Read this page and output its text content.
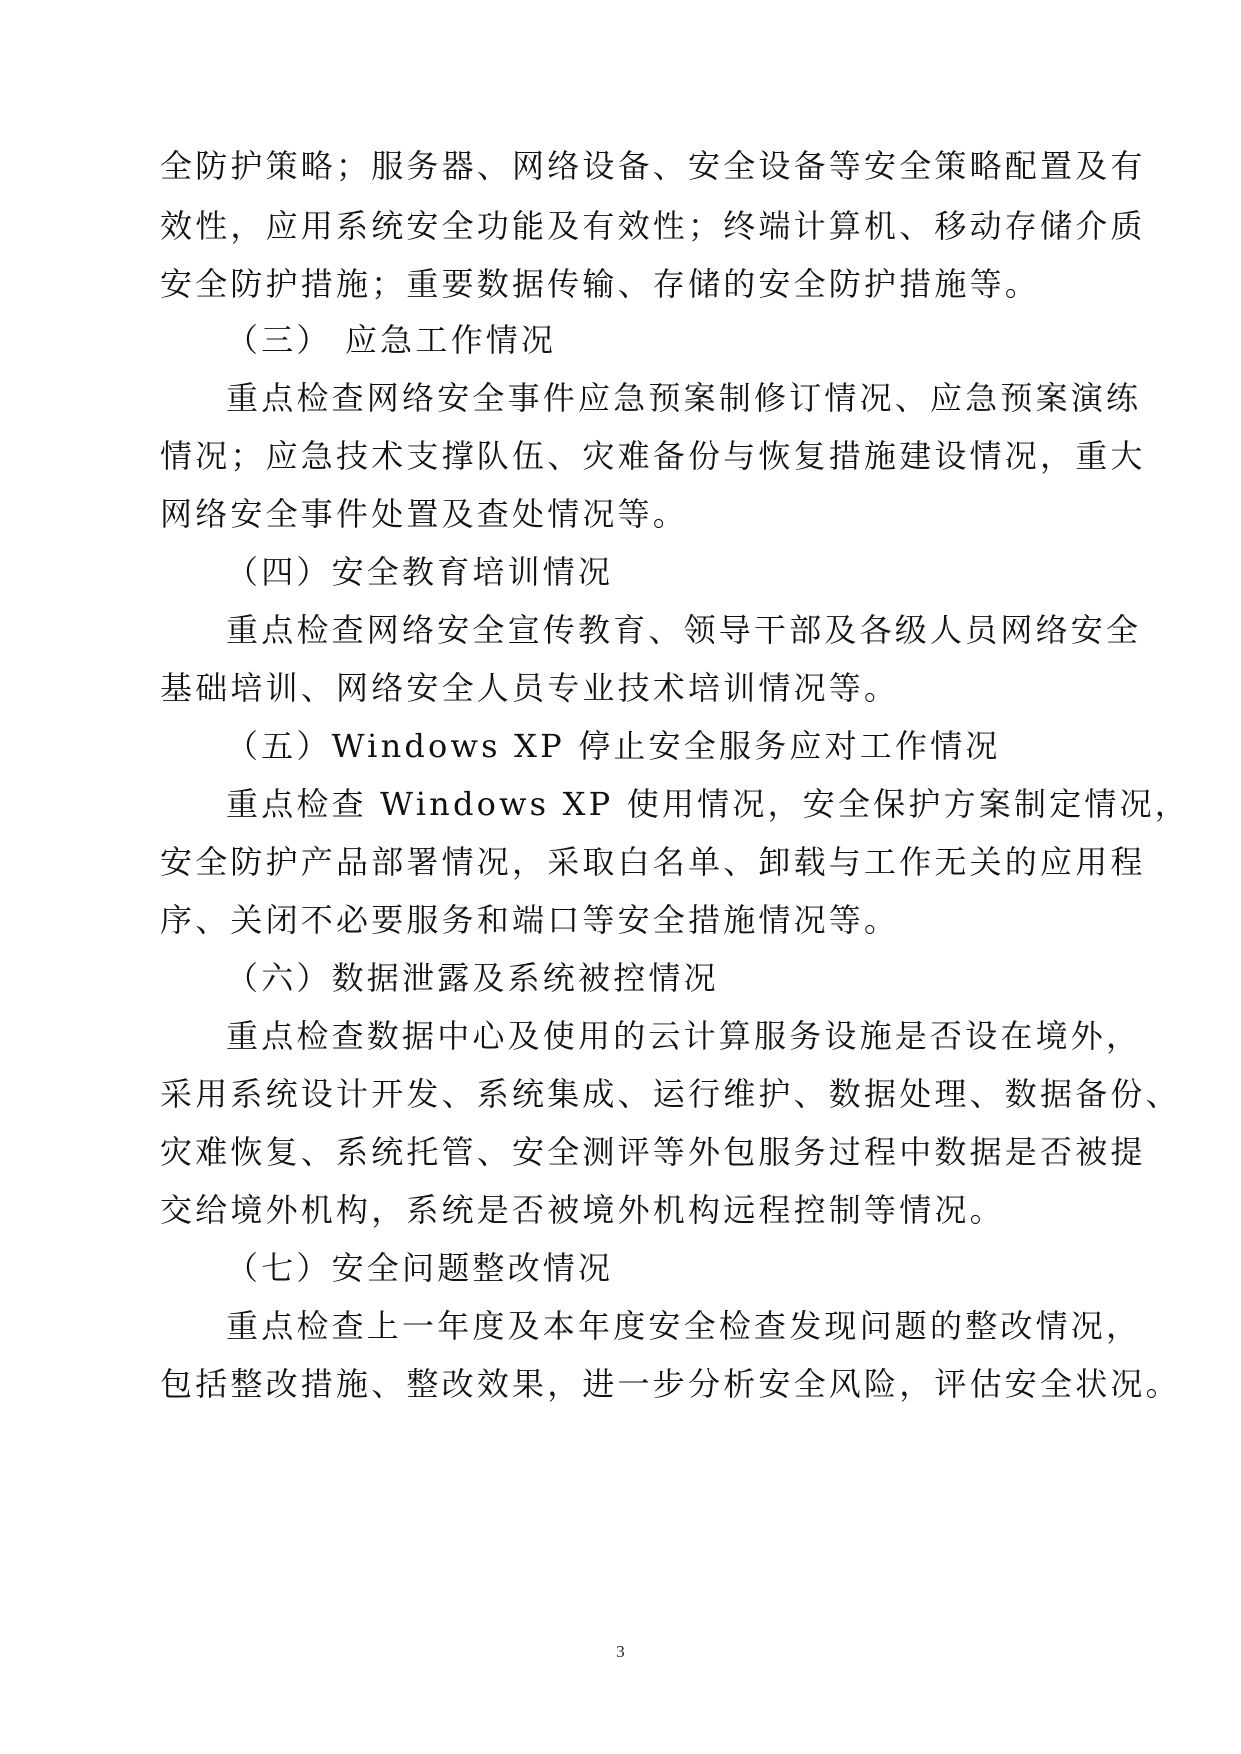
全防护策略；服务器、网络设备、安全设备等安全策略配置及有
效性，应用系统安全功能及有效性；终端计算机、移动存储介质
安全防护措施；重要数据传输、存储的安全防护措施等。
（三） 应急工作情况
重点检查网络安全事件应急预案制修订情况、应急预案演练
情况；应急技术支撑队伍、灾难备份与恢复措施建设情况，重大
网络安全事件处置及查处情况等。
（四）安全教育培训情况
重点检查网络安全宣传教育、领导干部及各级人员网络安全
基础培训、网络安全人员专业技术培训情况等。
（五）Windows XP 停止安全服务应对工作情况
重点检查 Windows XP 使用情况，安全保护方案制定情况，
安全防护产品部署情况，采取白名单、卸载与工作无关的应用程
序、关闭不必要服务和端口等安全措施情况等。
（六）数据泄露及系统被控情况
重点检查数据中心及使用的云计算服务设施是否设在境外，
采用系统设计开发、系统集成、运行维护、数据处理、数据备份、
灾难恢复、系统托管、安全测评等外包服务过程中数据是否被提
交给境外机构，系统是否被境外机构远程控制等情况。
（七）安全问题整改情况
重点检查上一年度及本年度安全检查发现问题的整改情况，
包括整改措施、整改效果，进一步分析安全风险，评估安全状况。
3
